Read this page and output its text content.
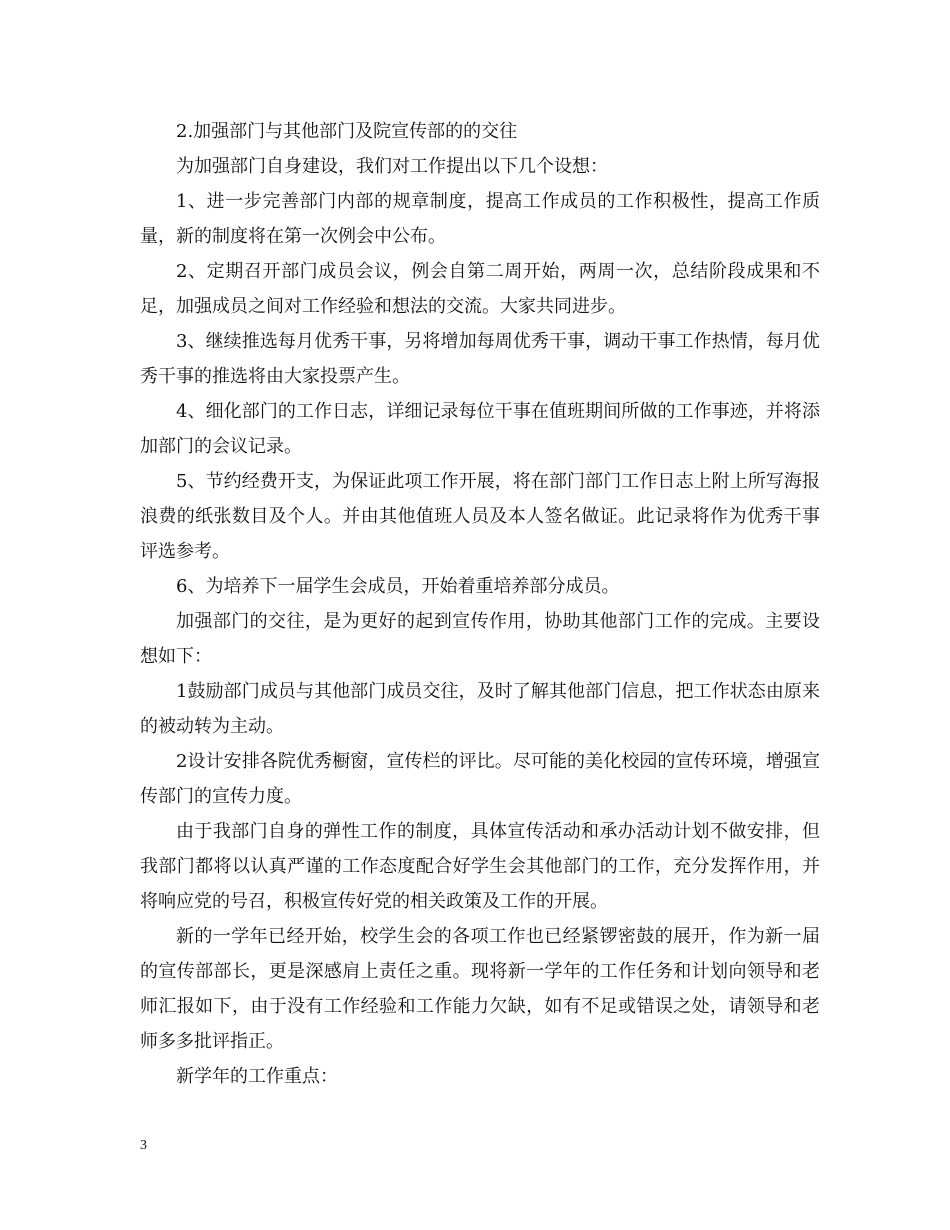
2.加强部门与其他部门及院宣传部的的交往

为加强部门自身建设，我们对工作提出以下几个设想：

1、进一步完善部门内部的规章制度，提高工作成员的工作积极性，提高工作质量，新的制度将在第一次例会中公布。

2、定期召开部门成员会议，例会自第二周开始，两周一次，总结阶段成果和不足，加强成员之间对工作经验和想法的交流。大家共同进步。

3、继续推选每月优秀干事，另将增加每周优秀干事，调动干事工作热情，每月优秀干事的推选将由大家投票产生。

4、细化部门的工作日志，详细记录每位干事在值班期间所做的工作事迹，并将添加部门的会议记录。

5、节约经费开支，为保证此项工作开展，将在部门部门工作日志上附上所写海报浪费的纸张数目及个人。并由其他值班人员及本人签名做证。此记录将作为优秀干事评选参考。

6、为培养下一届学生会成员，开始着重培养部分成员。

加强部门的交往，是为更好的起到宣传作用，协助其他部门工作的完成。主要设想如下：

1鼓励部门成员与其他部门成员交往，及时了解其他部门信息，把工作状态由原来的被动转为主动。

2设计安排各院优秀橱窗，宣传栏的评比。尽可能的美化校园的宣传环境，增强宣传部门的宣传力度。

由于我部门自身的弹性工作的制度，具体宣传活动和承办活动计划不做安排，但我部门都将以认真严谨的工作态度配合好学生会其他部门的工作，充分发挥作用，并将响应党的号召，积极宣传好党的相关政策及工作的开展。

新的一学年已经开始，校学生会的各项工作也已经紧锣密鼓的展开，作为新一届的宣传部部长，更是深感肩上责任之重。现将新一学年的工作任务和计划向领导和老师汇报如下，由于没有工作经验和工作能力欠缺，如有不足或错误之处，请领导和老师多多批评指正。

新学年的工作重点：

3
